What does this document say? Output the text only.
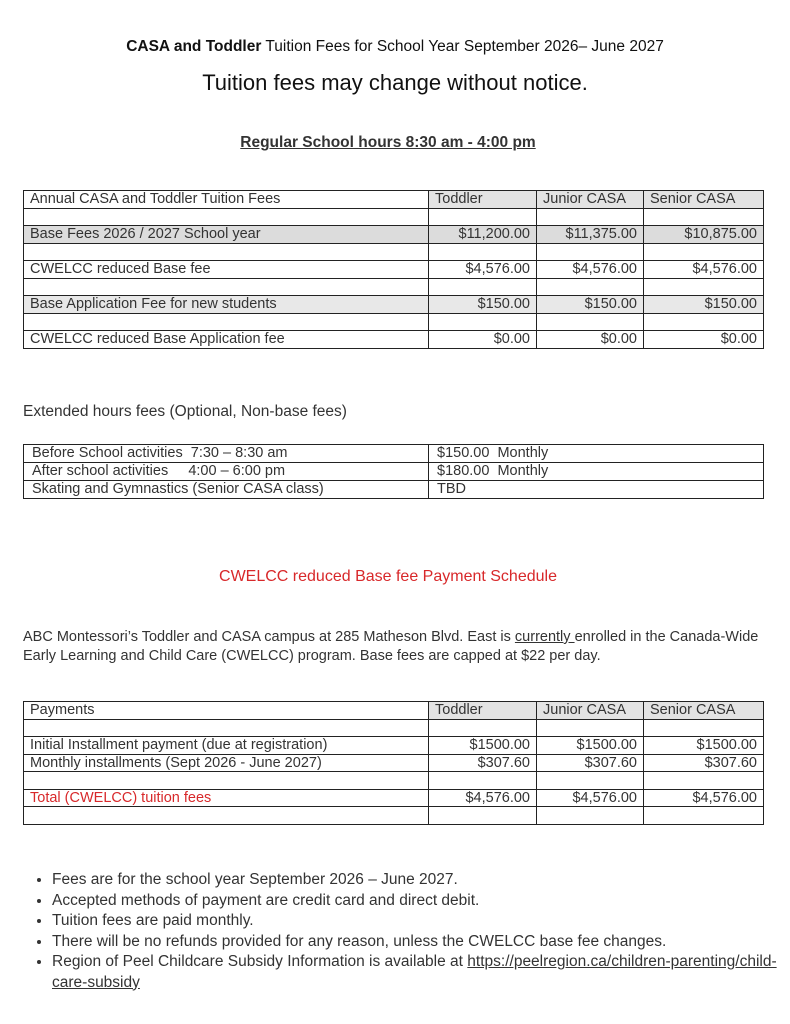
CASA and Toddler Tuition Fees for School Year September 2026– June 2027
Tuition fees may change without notice.
Regular School hours 8:30 am - 4:00 pm
Annual CASA and Toddler Tuition Fees	Toddler	Junior CASA	Senior CASA

Base Fees 2026 / 2027 School year	$11,200.00	$11,375.00	$10,875.00

CWELCC reduced Base fee	$4,576.00	$4,576.00	$4,576.00

Base Application Fee for new students	$150.00	$150.00	$150.00

CWELCC reduced Base Application fee	$0.00	$0.00	$0.00
Extended hours fees (Optional, Non-base fees)
Before School activities  7:30 – 8:30 am	$150.00  Monthly
After school activities     4:00 – 6:00 pm	$180.00  Monthly
Skating and Gymnastics (Senior CASA class)	TBD
CWELCC reduced Base fee Payment Schedule
ABC Montessori’s Toddler and CASA campus at 285 Matheson Blvd. East is currently enrolled in the Canada-Wide Early Learning and Child Care (CWELCC) program. Base fees are capped at $22 per day.
Payments	Toddler	Junior CASA	Senior CASA

Initial Installment payment (due at registration)	$1500.00	$1500.00	$1500.00
Monthly installments (Sept 2026 - June 2027)	$307.60	$307.60	$307.60

Total (CWELCC) tuition fees	$4,576.00	$4,576.00	$4,576.00

• Fees are for the school year September 2026 – June 2027.
• Accepted methods of payment are credit card and direct debit.
• Tuition fees are paid monthly.
• There will be no refunds provided for any reason, unless the CWELCC base fee changes.
• Region of Peel Childcare Subsidy Information is available at https://peelregion.ca/children-parenting/child-care-subsidy
